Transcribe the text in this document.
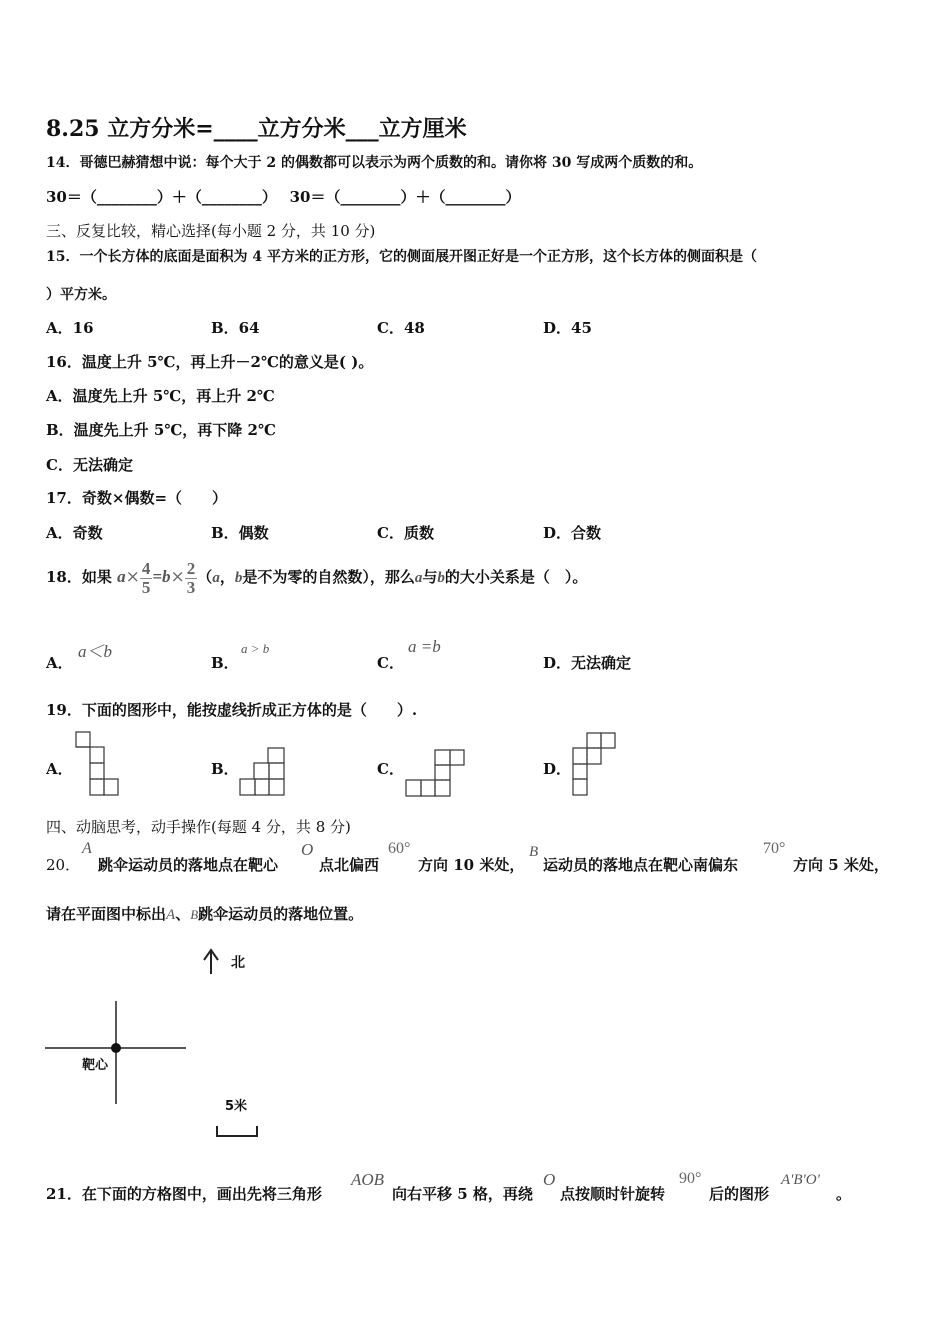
8.25 立方分米=____立方分米___立方厘米
14．哥德巴赫猜想中说：每个大于 2 的偶数都可以表示为两个质数的和。请你将 30 写成两个质数的和。
30＝（________）＋（________）　 30＝（________）＋（________）
三、反复比较，精心选择(每小题 2 分，共 10 分)
15．一个长方体的底面是面积为 4 平方米的正方形，它的侧面展开图正好是一个正方形，这个长方体的侧面积是（
）平方米。
A．16	B．64	C．48	D．45
16．温度上升 5℃，再上升－2℃的意义是( )。
A．温度先上升 5℃，再上升 2℃
B．温度先上升 5℃，再下降 2℃
C．无法确定
17．奇数×偶数=（　　）
A．奇数	B．偶数	C．质数	D．合数
18．如果 $a\times \frac{4}{5} =b\times \frac{2}{3} (a$，b是不为零的自然数），那么a与b的大小关系是（　）。
A．
a＜b
B．
a > b
C．
a =b
D．无法确定
19．下面的图形中，能按虚线折成正方体的是（　　）.
A．	B．	C．	D．
四、动脑思考，动手操作(每题 4 分，共 8 分)
20．
A
跳伞运动员的落地点在靶心
O
点北偏西
60°
方向 10 米处，
B
运动员的落地点在靶心南偏东
70°
方向 5 米处，
请在平面图中标出A、B跳伞运动员的落地位置。
北
靶心
5米
21．在下面的方格图中，画出先将三角形
AOB
向右平移 5 格，再绕
O
点按顺时针旋转
90°
后的图形
A'B'O'
。
